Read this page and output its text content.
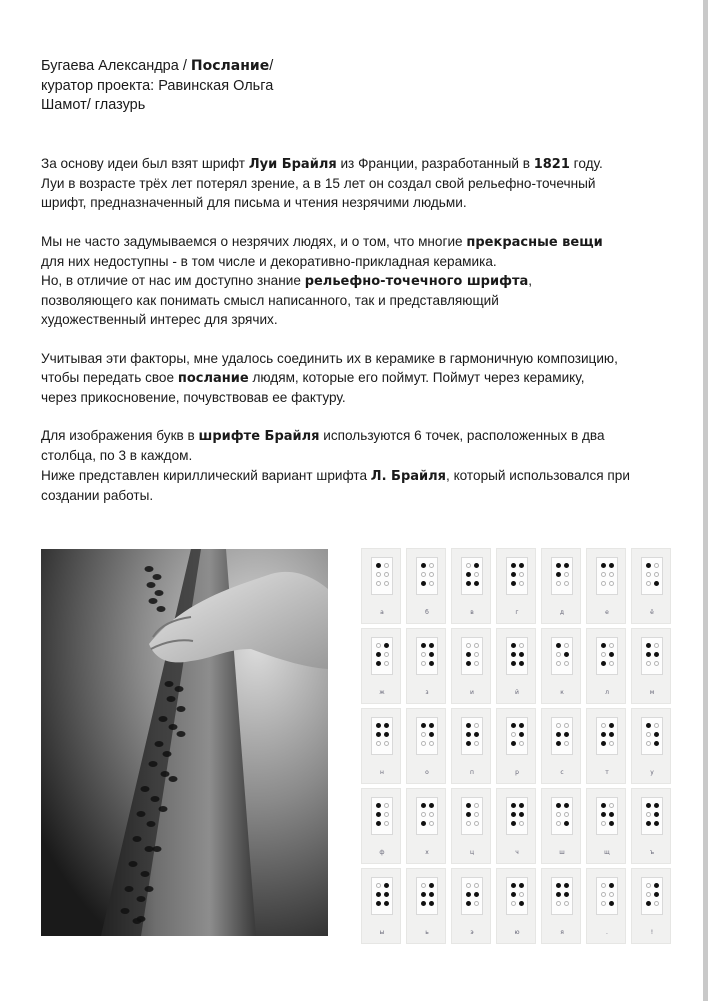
Бугаева Александра / Послание/
куратор проекта: Равинская Ольга
Шамот/ глазурь

За основу идеи был взят шрифт Луи Брайля из Франции, разработанный в 1821 году.
Луи в возрасте трёх лет потерял зрение, а в 15 лет он создал свой рельефно-точечный
шрифт, предназначенный для письма и чтения незрячими людьми.

Мы не часто задумываемся о незрячих людях, и о том, что многие прекрасные вещи
для них недоступны - в том числе и декоративно-прикладная керамика.
Но, в отличие от нас им доступно знание рельефно-точечного шрифта,
позволяющего как понимать смысл написанного, так и представляющий
художественный интерес для зрячих.

Учитывая эти факторы, мне удалось соединить их в керамике в гармоничную композицию,
чтобы передать свое послание людям, которые его поймут. Поймут через керамику,
через прикосновение, почувствовав ее фактуру.

Для изображения букв в шрифте Брайля используются 6 точек, расположенных в два
столбца, по 3 в каждом.
Ниже представлен кириллический вариант шрифта Л. Брайля, который использовался при
создании работы.

а	б	в	г	д	е	ё
ж	з	и	й	к	л	м
н	о	п	р	с	т	у
ф	х	ц	ч	ш	щ	ъ
ы	ь	э	ю	я	.	!
